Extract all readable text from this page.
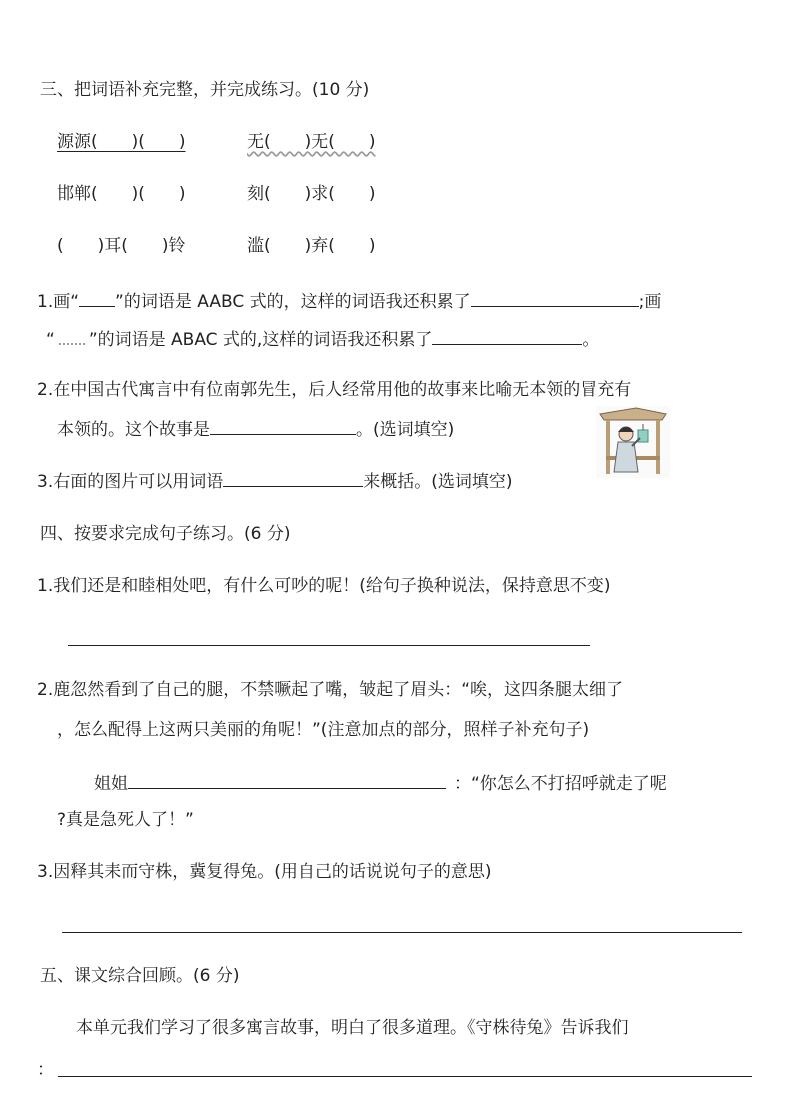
三、把词语补充完整，并完成练习。(10 分)
源源(　　)(　　)	无(　　)无(　　)
邯郸(　　)(　　)	刻(　　)求(　　)
(　　)耳(　　)铃	滥(　　)弃(　　)
1.画“ ”的词语是 AABC 式的，这样的词语我还积累了	;画
“ ”的词语是 ABAC 式的,这样的词语我还积累了	。
2.在中国古代寓言中有位南郭先生，后人经常用他的故事来比喻无本领的冒充有
本领的。这个故事是	。(选词填空)
3.右面的图片可以用词语	来概括。(选词填空)
四、按要求完成句子练习。(6 分)
1.我们还是和睦相处吧，有什么可吵的呢！(给句子换种说法，保持意思不变)
2.鹿忽然看到了自己的腿，不禁噘起了嘴，皱起了眉头：“唉，这四条腿太细了
，怎么配得上这两只美丽的角呢！”(注意加点的部分，照样子补充句子)
姐姐	：“你怎么不打招呼就走了呢
?真是急死人了！”
3.因释其耒而守株，冀复得兔。(用自己的话说说句子的意思)
五、课文综合回顾。(6 分)
本单元我们学习了很多寓言故事，明白了很多道理。《守株待兔》告诉我们
：
